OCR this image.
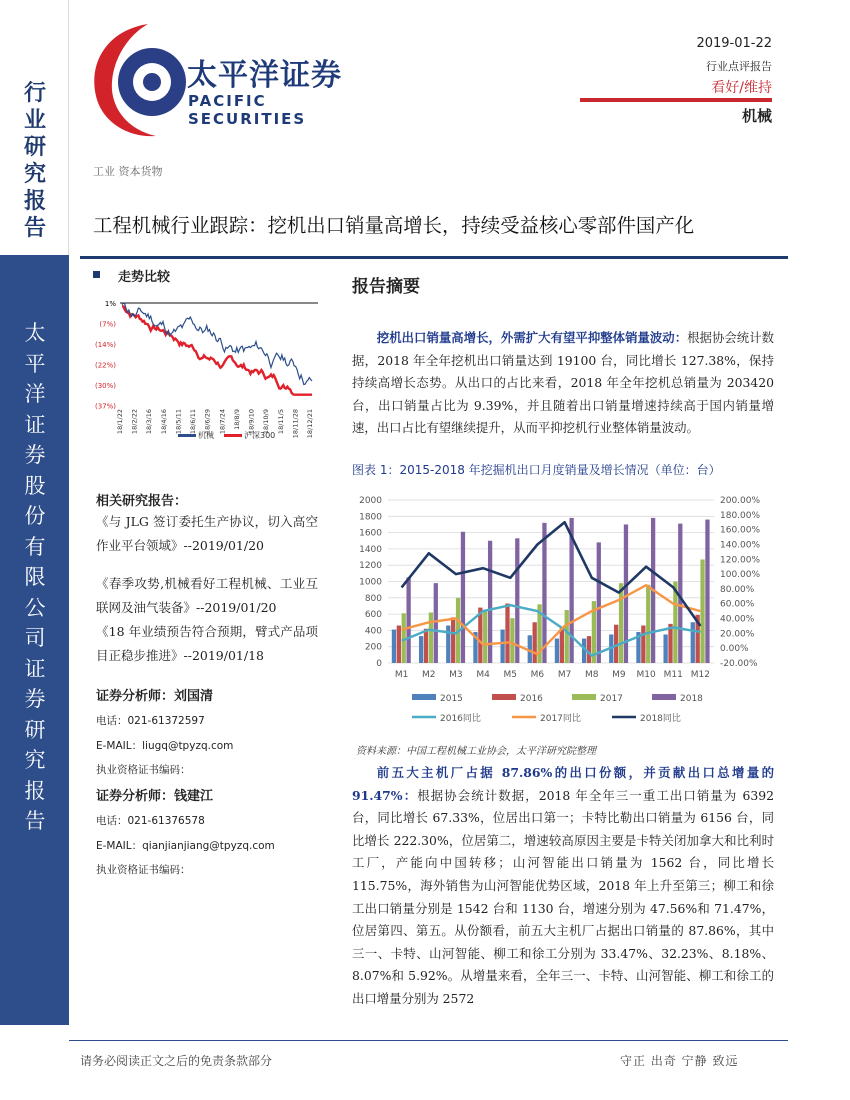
行业研究报告
太平洋证券股份有限公司证券研究报告
太平洋证券
PACIFIC SECURITIES
2019-01-22
行业点评报告
看好/维持
机械
工业 资本货物
工程机械行业跟踪：挖机出口销量高增长，持续受益核心零部件国产化
走势比较
1%
(7%)
(14%)
(22%)
(30%)
(37%)
18/1/22 18/2/22 18/3/16 18/4/16 18/5/11 18/6/11 18/6/29 18/7/24 18/8/9 18/9/10 18/10/9 18/11/5 18/11/28 18/12/21
机械	沪深300
相关研究报告：
《与 JLG 签订委托生产协议，切入高空作业平台领域》--2019/01/20
《春季攻势,机械看好工程机械、工业互联网及油气装备》--2019/01/20
《18 年业绩预告符合预期，臂式产品项目正稳步推进》--2019/01/18
证券分析师：刘国清
电话：021-61372597
E-MAIL：liugq@tpyzq.com
执业资格证书编码：
证券分析师：钱建江
电话：021-61376578
E-MAIL：qianjianjiang@tpyzq.com
执业资格证书编码：
报告摘要
挖机出口销量高增长，外需扩大有望平抑整体销量波动：根据协会统计数据，2018 年全年挖机出口销量达到 19100 台，同比增长 127.38%，保持持续高增长态势。从出口的占比来看，2018 年全年挖机总销量为 203420 台，出口销量占比为 9.39%，并且随着出口销量增速持续高于国内销量增速，出口占比有望继续提升，从而平抑挖机行业整体销量波动。
图表 1：2015-2018 年挖掘机出口月度销量及增长情况（单位：台）
0
200
400
600
800
1000
1200
1400
1600
1800
2000
-20.00%
0.00%
20.00%
40.00%
60.00%
80.00%
100.00%
120.00%
140.00%
160.00%
180.00%
200.00%
M1 M2 M3 M4 M5 M6 M7 M8 M9 M10 M11 M12
2015	2016	2017	2018
2016同比	2017同比	2018同比
资料来源：中国工程机械工业协会，太平洋研究院整理
前五大主机厂占据 87.86%的出口份额，并贡献出口总增量的 91.47%：根据协会统计数据，2018 年全年三一重工出口销量为 6392 台，同比增长 67.33%，位居出口第一；卡特比勒出口销量为 6156 台，同比增长 222.30%，位居第二，增速较高原因主要是卡特关闭加拿大和比利时工厂，产能向中国转移；山河智能出口销量为 1562 台，同比增长 115.75%，海外销售为山河智能优势区域，2018 年上升至第三；柳工和徐工出口销量分别是 1542 台和 1130 台，增速分别为 47.56%和 71.47%，位居第四、第五。从份额看，前五大主机厂占据出口销量的 87.86%，其中三一、卡特、山河智能、柳工和徐工分别为 33.47%、32.23%、8.18%、8.07%和 5.92%。从增量来看，全年三一、卡特、山河智能、柳工和徐工的出口增量分别为 2572
请务必阅读正文之后的免责条款部分	守正 出奇 宁静 致远
